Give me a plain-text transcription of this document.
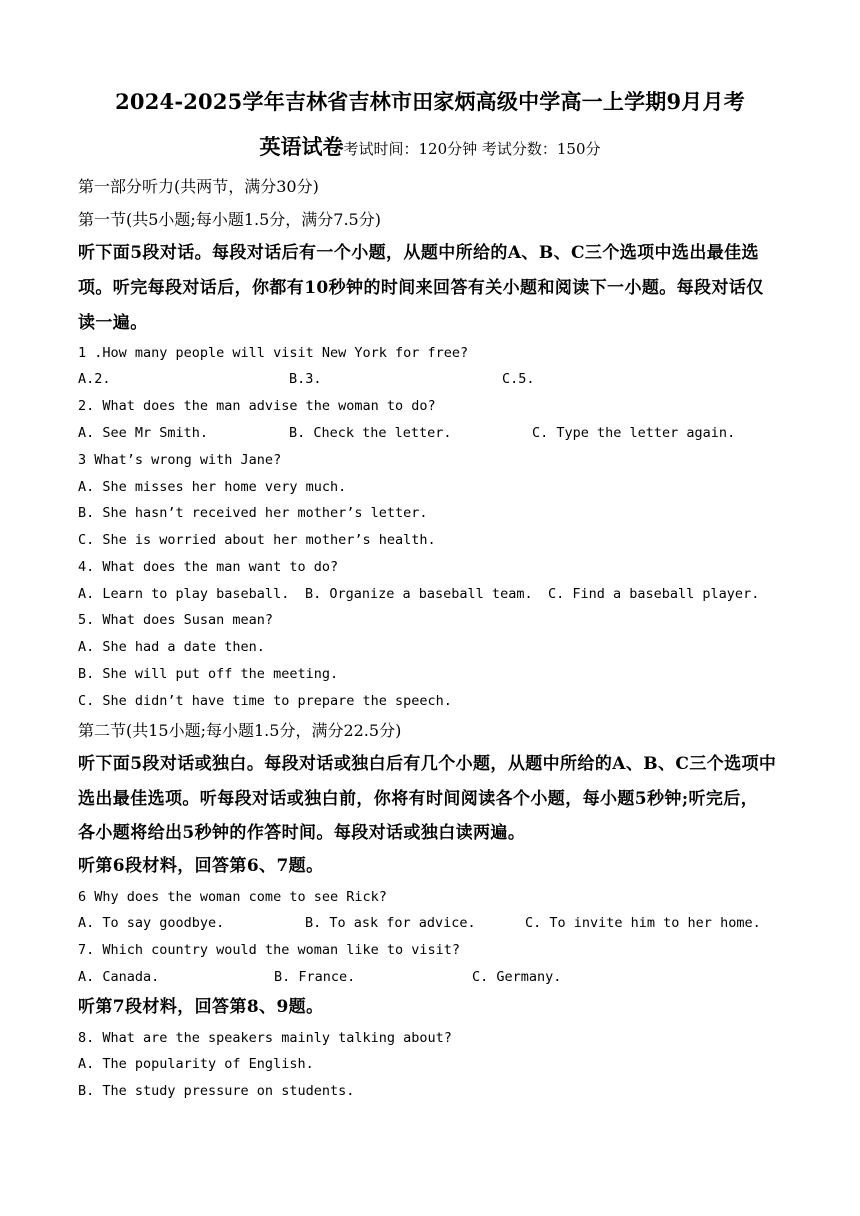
2024-2025学年吉林省吉林市田家炳高级中学高一上学期9月月考
英语试卷考试时间：120分钟 考试分数：150分
第一部分听力(共两节，满分30分)
第一节(共5小题;每小题1.5分，满分7.5分)
听下面5段对话。每段对话后有一个小题，从题中所给的A、B、C三个选项中选出最佳选
项。听完每段对话后，你都有10秒钟的时间来回答有关小题和阅读下一小题。每段对话仅
读一遍。
1 .How many people will visit New York for free?
A.2.	B.3.	C.5.
2. What does the man advise the woman to do?
A. See Mr Smith.	B. Check the letter.	C. Type the letter again.
3 What’s wrong with Jane?
A. She misses her home very much.
B. She hasn’t received her mother’s letter.
C. She is worried about her mother’s health.
4. What does the man want to do?
A. Learn to play baseball. B. Organize a baseball team. C. Find a baseball player.
5. What does Susan mean?
A. She had a date then.
B. She will put off the meeting.
C. She didn’t have time to prepare the speech.
第二节(共15小题;每小题1.5分，满分22.5分)
听下面5段对话或独白。每段对话或独白后有几个小题，从题中所给的A、B、C三个选项中
选出最佳选项。听每段对话或独白前，你将有时间阅读各个小题，每小题5秒钟;听完后，
各小题将给出5秒钟的作答时间。每段对话或独白读两遍。
听第6段材料，回答第6、7题。
6 Why does the woman come to see Rick?
A. To say goodbye.	B. To ask for advice.	C. To invite him to her home.
7. Which country would the woman like to visit?
A. Canada.	B. France.	C. Germany.
听第7段材料，回答第8、9题。
8. What are the speakers mainly talking about?
A. The popularity of English.
B. The study pressure on students.
